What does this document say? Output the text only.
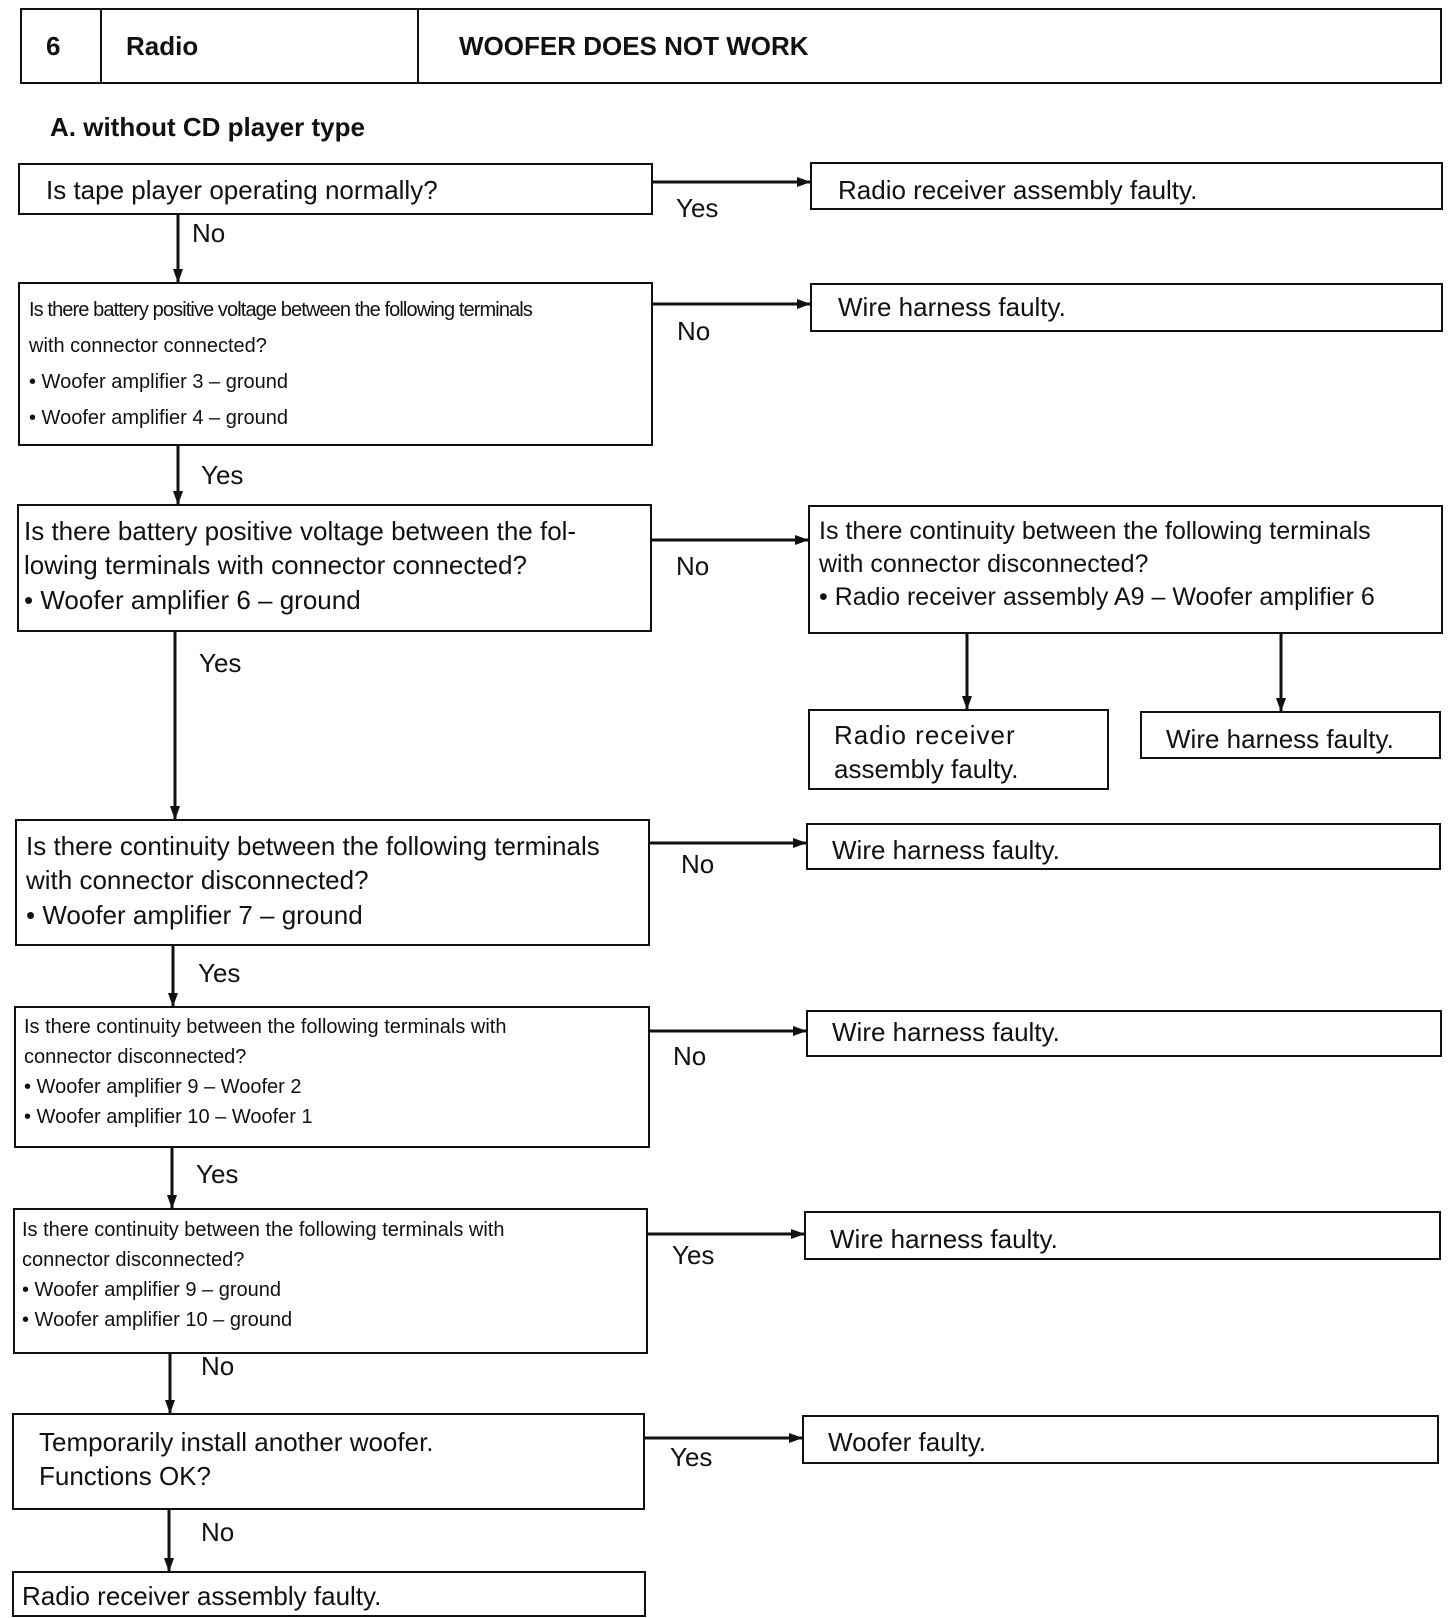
6	Radio	WOOFER DOES NOT WORK
A. without CD player type
Is tape player operating normally?	Radio receiver assembly faulty.
Is there battery positive voltage between the following terminals
with connector connected?
• Woofer amplifier 3 – ground
• Woofer amplifier 4 – ground
Wire harness faulty.
Is there battery positive voltage between the fol-
lowing terminals with connector connected?
• Woofer amplifier 6 – ground
Is there continuity between the following terminals
with connector disconnected?
• Radio receiver assembly A9 – Woofer amplifier 6
Radio receiver
assembly faulty.
Wire harness faulty.
Is there continuity between the following terminals
with connector disconnected?
• Woofer amplifier 7 – ground
Wire harness faulty.
Is there continuity between the following terminals with
connector disconnected?
• Woofer amplifier 9 – Woofer 2
• Woofer amplifier 10 – Woofer 1
Wire harness faulty.
Is there continuity between the following terminals with
connector disconnected?
• Woofer amplifier 9 – ground
• Woofer amplifier 10 – ground
Wire harness faulty.
Temporarily install another woofer.
Functions OK?
Woofer faulty.
Radio receiver assembly faulty.
Yes
No
No
Yes
No
Yes
No
Yes
No
Yes
Yes
No
Yes
No
